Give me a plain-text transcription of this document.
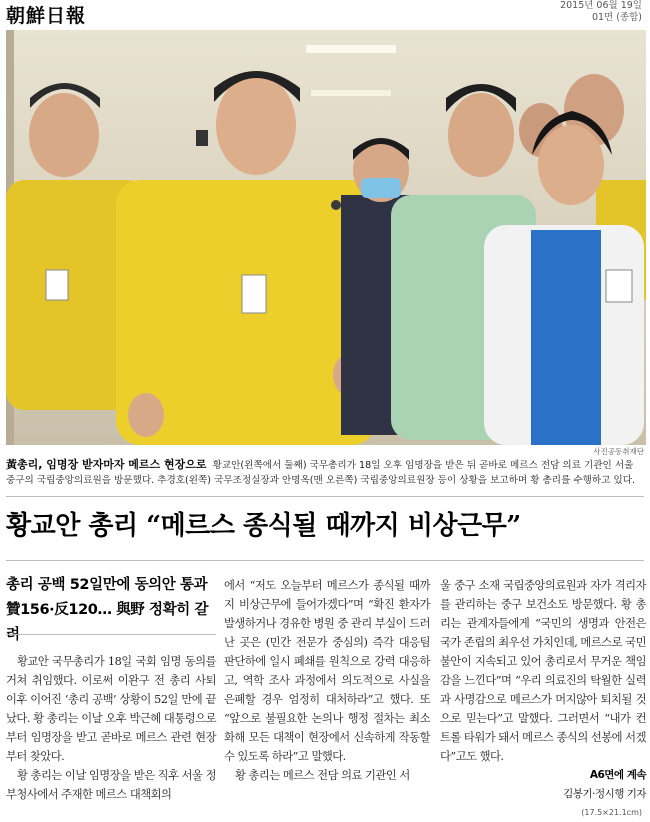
朝鮮日報	2015년 06월 19일
01면 (종합)
사진공동취재단
黃총리, 임명장 받자마자 메르스 현장으로 황교안(왼쪽에서 둘째) 국무총리가 18일 오후 임명장을 받은 뒤 곧바로 메르스 전담 의료 기관인 서울
중구의 국립중앙의료원을 방문했다. 추경호(왼쪽) 국무조정실장과 안명옥(맨 오른쪽) 국립중앙의료원장 등이 상황을 보고하며 황 총리를 수행하고 있다.
황교안 총리 “메르스 종식될 때까지 비상근무”
총리 공백 52일만에 동의안 통과
贊156·反120… 與野 정확히 갈려

황교안 국무총리가 18일 국회 임명 동의를 거쳐 취임했다. 이로써 이완구 전 총리 사퇴 이후 이어진 ‘총리 공백’ 상황이 52일 만에 끝났다. 황 총리는 이날 오후 박근혜 대통령으로부터 임명장을 받고 곧바로 메르스 관련 현장부터 찾았다.

황 총리는 이날 임명장을 받은 직후 서울 정부청사에서 주재한 메르스 대책회의

에서 “저도 오늘부터 메르스가 종식될 때까지 비상근무에 들어가겠다”며 “확진 환자가 발생하거나 경유한 병원 중 관리 부실이 드러난 곳은 (민간 전문가 중심의) 즉각 대응팀 판단하에 일시 폐쇄를 원칙으로 강력 대응하고, 역학 조사 과정에서 의도적으로 사실을 은폐할 경우 엄정히 대처하라”고 했다. 또 “앞으로 불필요한 논의나 행정 절차는 최소화해 모든 대책이 현장에서 신속하게 작동할 수 있도록 하라”고 말했다.

황 총리는 메르스 전담 의료 기관인 서

울 중구 소재 국립중앙의료원과 자가 격리자를 관리하는 중구 보건소도 방문했다. 황 총리는 관계자들에게 “국민의 생명과 안전은 국가 존립의 최우선 가치인데, 메르스로 국민 불안이 지속되고 있어 총리로서 무거운 책임감을 느낀다”며 “우리 의료진의 탁월한 실력과 사명감으로 메르스가 머지않아 퇴치될 것으로 믿는다”고 말했다. 그러면서 “내가 컨트롤 타워가 돼서 메르스 종식의 선봉에 서겠다”고도 했다.

A6면에 계속
김봉기·정시행 기자
(17.5×21.1cm)
